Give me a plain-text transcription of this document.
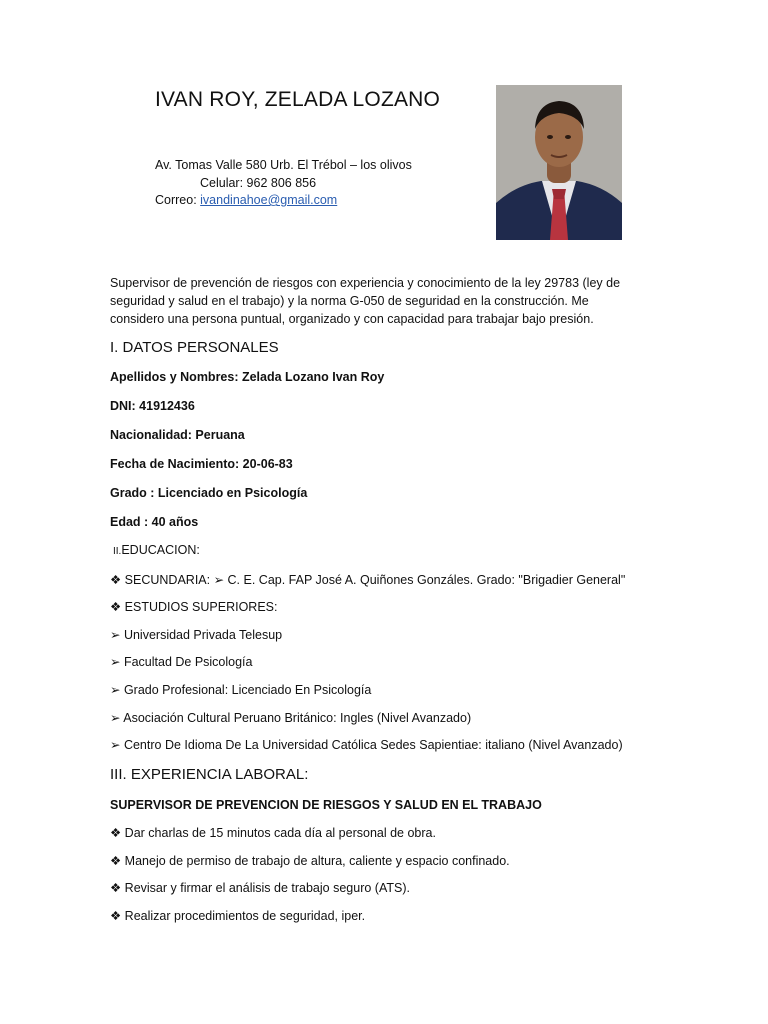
IVAN ROY, ZELADA LOZANO
Av. Tomas Valle 580 Urb. El Trébol – los olivos
Celular: 962 806 856
Correo: ivandinahoe@gmail.com
Supervisor de prevención de riesgos con experiencia y conocimiento de la ley 29783 (ley de
seguridad y salud en el trabajo) y la norma G-050 de seguridad en la construcción. Me
considero una persona puntual, organizado y con capacidad para trabajar bajo presión.
I. DATOS PERSONALES
Apellidos y Nombres: Zelada Lozano Ivan Roy
DNI: 41912436
Nacionalidad: Peruana
Fecha de Nacimiento: 20-06-83
Grado : Licenciado en Psicología
Edad : 40 años
II.EDUCACION:
❖ SECUNDARIA: ➢ C. E. Cap. FAP José A. Quiñones Gonzáles. Grado: "Brigadier General"
❖ ESTUDIOS SUPERIORES:
➢ Universidad Privada Telesup
➢ Facultad De Psicología
➢ Grado Profesional: Licenciado En Psicología
➢ Asociación Cultural Peruano Británico: Ingles (Nivel Avanzado)
➢ Centro De Idioma De La Universidad Católica Sedes Sapientiae: italiano (Nivel Avanzado)
III. EXPERIENCIA LABORAL:
SUPERVISOR DE PREVENCION DE RIESGOS Y SALUD EN EL TRABAJO
❖ Dar charlas de 15 minutos cada día al personal de obra.
❖ Manejo de permiso de trabajo de altura, caliente y espacio confinado.
❖ Revisar y firmar el análisis de trabajo seguro (ATS).
❖ Realizar procedimientos de seguridad, iper.
